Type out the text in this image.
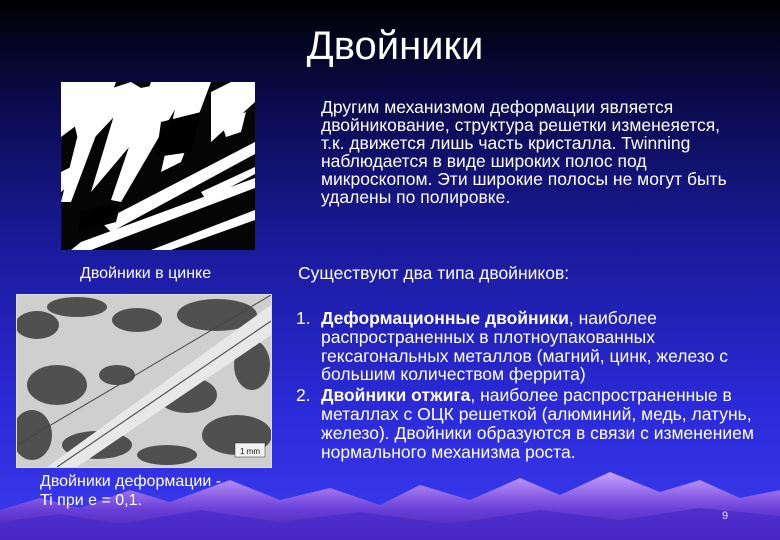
Двойники
Двойники в цинке
1 mm
Двойники деформации -
Ti при e = 0,1.
Другим механизмом деформации является двойникование, структура решетки изменеяется, т.к. движется лишь часть кристалла. Twinning наблюдается в виде широких полос под микроскопом. Эти широкие полосы не могут быть удалены по полировке.
Существуют два типа двойников:
1. Деформационные двойники, наиболее распространенных в плотноупакованных гексагональных металлов (магний, цинк, железо с большим количеством феррита)
2. Двойники отжига, наиболее распространенные в металлах с ОЦК решеткой (алюминий, медь, латунь, железо). Двойники образуются в связи с изменением нормального механизма роста.
9
